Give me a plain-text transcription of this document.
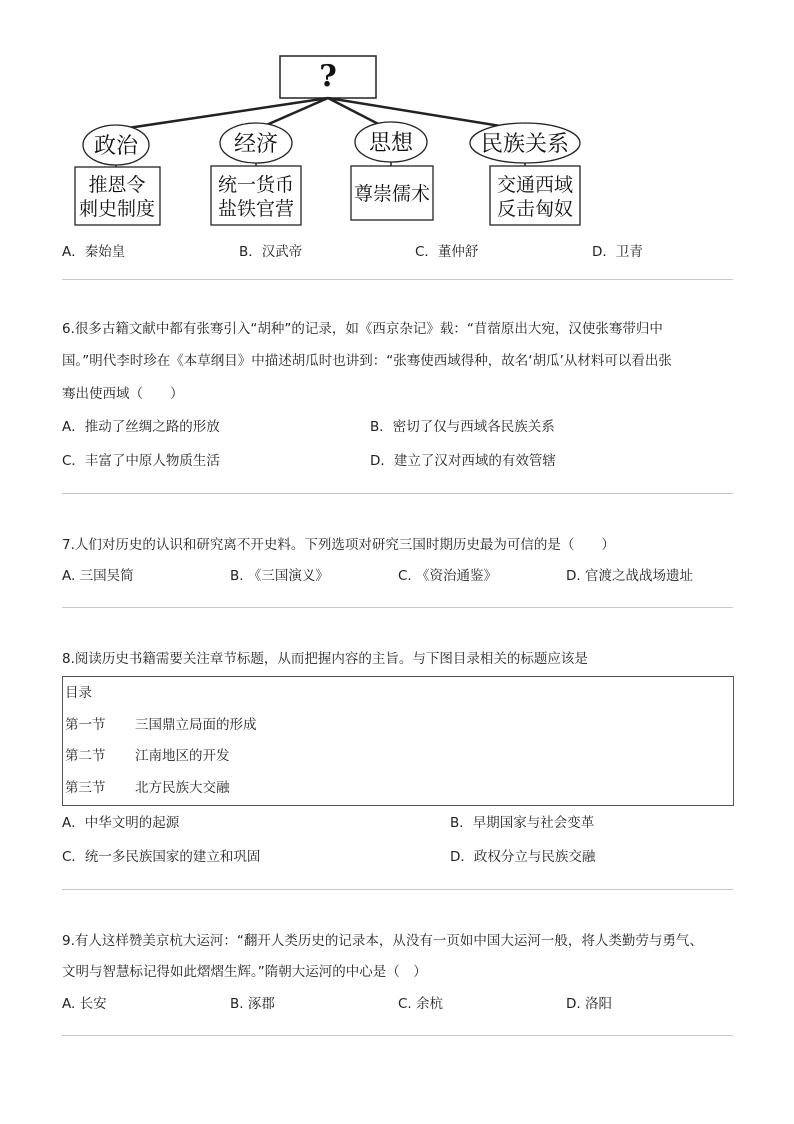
?
政治	经济	思想	民族关系
推恩令
刺史制度
统一货币
盐铁官营
尊崇儒术	交通西域
反击匈奴
A．秦始皇	B．汉武帝	C．董仲舒	D．卫青
6.很多古籍文献中都有张骞引入“胡种”的记录，如《西京杂记》载：“苜蓿原出大宛，汉使张骞带归中
国。”明代李时珍在《本草纲目》中描述胡瓜时也讲到：“张骞使西域得种，故名‘胡瓜’从材料可以看出张
骞出使西域（　　）
A．推动了丝绸之路的形放	B．密切了仅与西域各民族关系
C．丰富了中原人物质生活	D．建立了汉对西域的有效管辖
7.人们对历史的认识和研究离不开史料。下列选项对研究三国时期历史最为可信的是（　　）
A. 三国吴简	B. 《三国演义》	C. 《资治通鉴》	D. 官渡之战战场遗址
8.阅读历史书籍需要关注章节标题，从而把握内容的主旨。与下图目录相关的标题应该是
目录
第一节 三国鼎立局面的形成
第二节 江南地区的开发
第三节 北方民族大交融
A．中华文明的起源	B．早期国家与社会变革
C．统一多民族国家的建立和巩固	D．政权分立与民族交融
9.有人这样赞美京杭大运河：“翻开人类历史的记录本，从没有一页如中国大运河一般，将人类勤劳与勇气、
文明与智慧标记得如此熠熠生辉。”隋朝大运河的中心是（　）
A. 长安	B. 涿郡	C. 余杭	D. 洛阳
